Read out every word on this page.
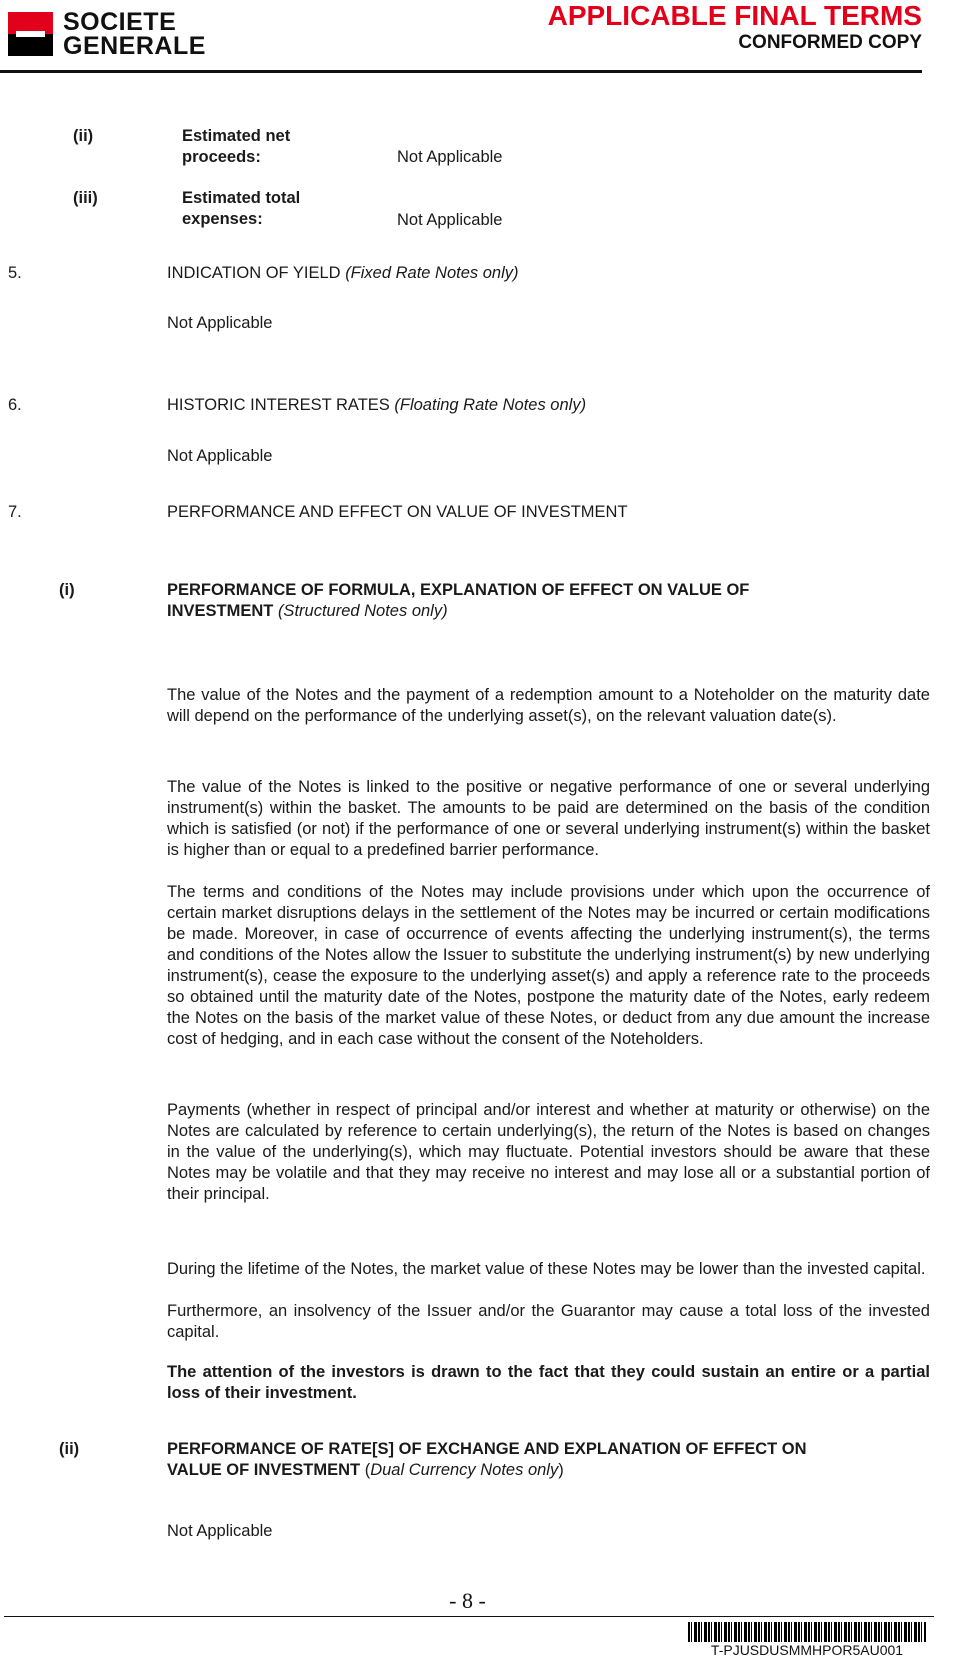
SOCIETE
GENERALE
APPLICABLE FINAL TERMS
CONFORMED COPY
(ii)	Estimated net
proceeds:	Not Applicable
(iii)	Estimated total
expenses:	Not Applicable
5.	INDICATION OF YIELD (Fixed Rate Notes only)
Not Applicable
6.	HISTORIC INTEREST RATES (Floating Rate Notes only)
Not Applicable
7.	PERFORMANCE AND EFFECT ON VALUE OF INVESTMENT
(i)	PERFORMANCE OF FORMULA, EXPLANATION OF EFFECT ON VALUE OF
INVESTMENT (Structured Notes only)
The value of the Notes and the payment of a redemption amount to a Noteholder on the maturity date will depend on the performance of the underlying asset(s), on the relevant valuation date(s).
The value of the Notes is linked to the positive or negative performance of one or several underlying instrument(s) within the basket. The amounts to be paid are determined on the basis of the condition which is satisfied (or not) if the performance of one or several underlying instrument(s) within the basket is higher than or equal to a predefined barrier performance.
The terms and conditions of the Notes may include provisions under which upon the occurrence of certain market disruptions delays in the settlement of the Notes may be incurred or certain modifications be made. Moreover, in case of occurrence of events affecting the underlying instrument(s), the terms and conditions of the Notes allow the Issuer to substitute the underlying instrument(s) by new underlying instrument(s), cease the exposure to the underlying asset(s) and apply a reference rate to the proceeds so obtained until the maturity date of the Notes, postpone the maturity date of the Notes, early redeem the Notes on the basis of the market value of these Notes, or deduct from any due amount the increase cost of hedging, and in each case without the consent of the Noteholders.
Payments (whether in respect of principal and/or interest and whether at maturity or otherwise) on the Notes are calculated by reference to certain underlying(s), the return of the Notes is based on changes in the value of the underlying(s), which may fluctuate. Potential investors should be aware that these Notes may be volatile and that they may receive no interest and may lose all or a substantial portion of their principal.
During the lifetime of the Notes, the market value of these Notes may be lower than the invested capital.
Furthermore, an insolvency of the Issuer and/or the Guarantor may cause a total loss of the invested capital.
The attention of the investors is drawn to the fact that they could sustain an entire or a partial loss of their investment.
(ii)	PERFORMANCE OF RATE[S] OF EXCHANGE AND EXPLANATION OF EFFECT ON
VALUE OF INVESTMENT (Dual Currency Notes only)
Not Applicable
- 8 -
T-PJUSDUSMMHPOR5AU001
